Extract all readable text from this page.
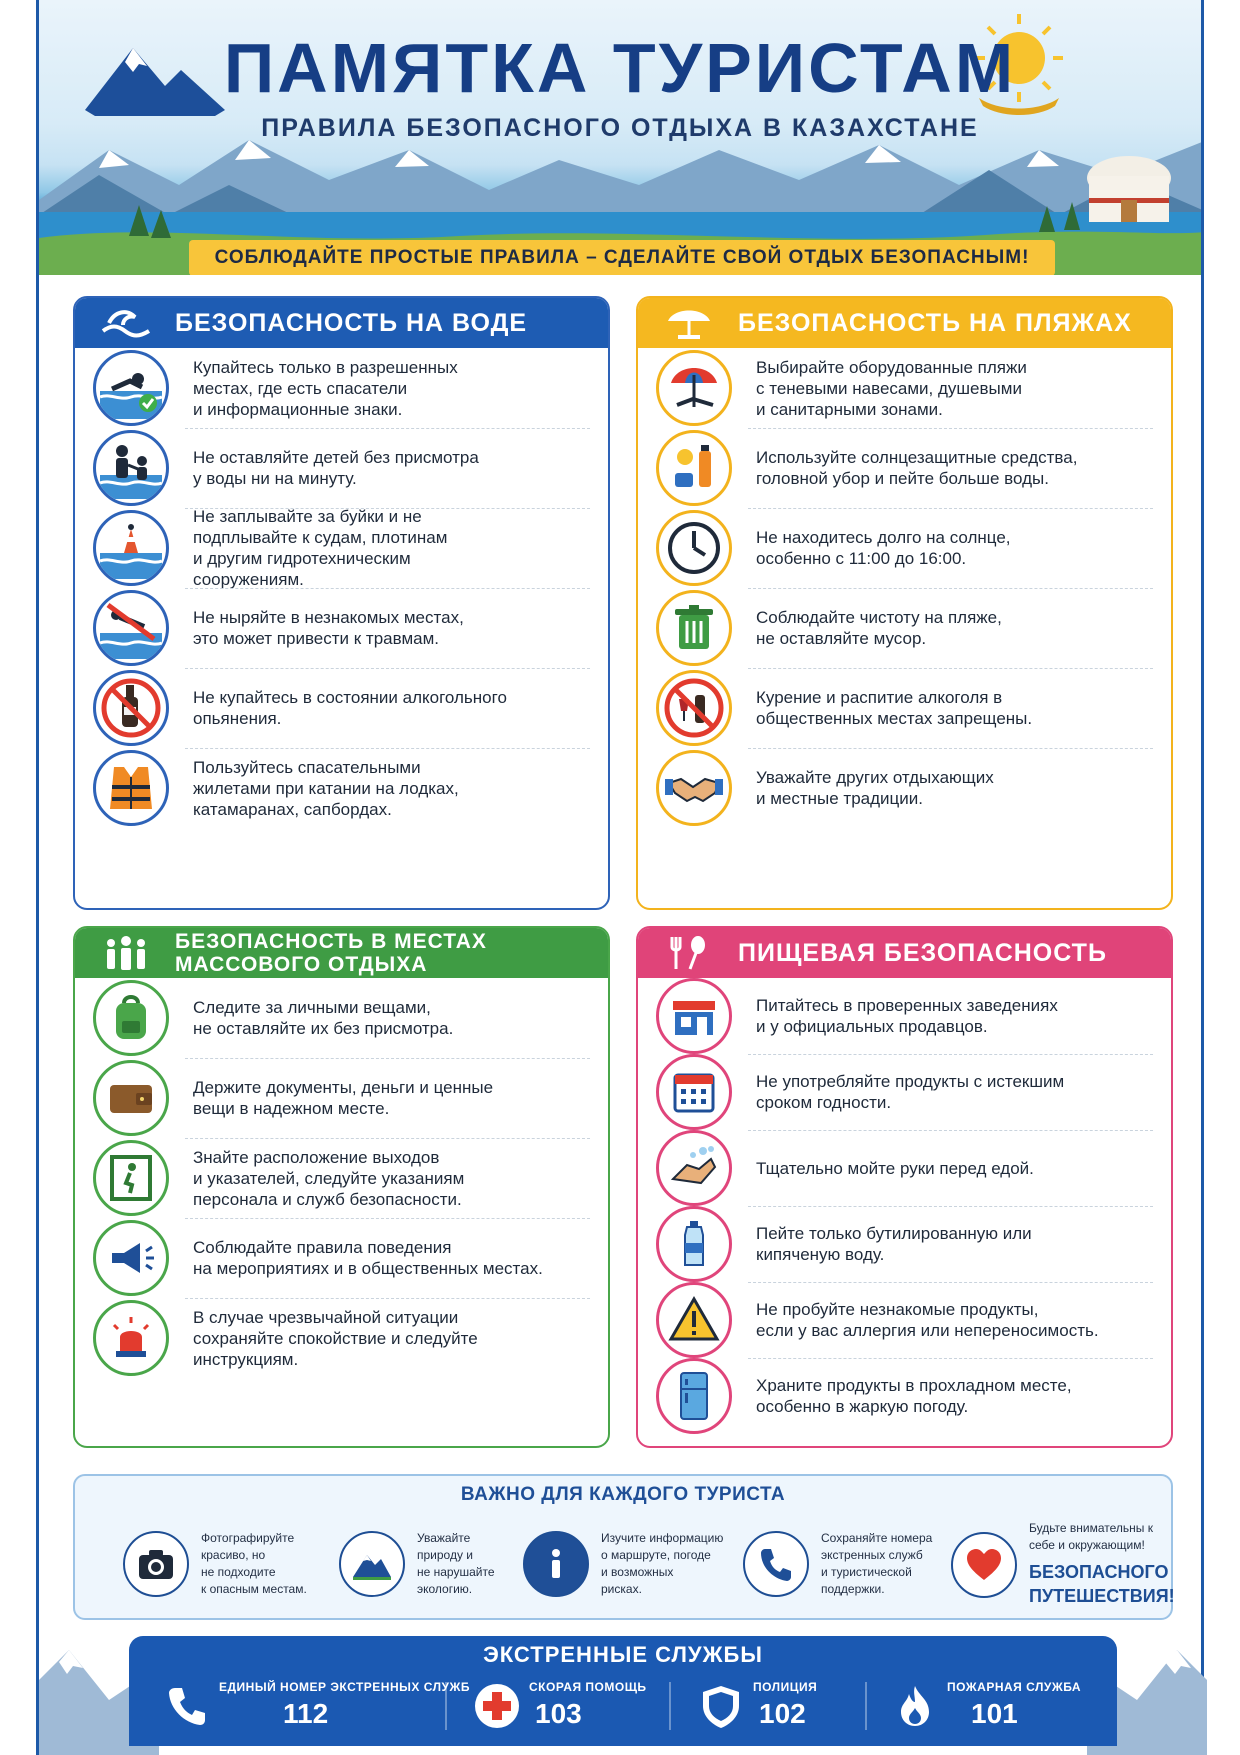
ПАМЯТКА ТУРИСТАМ
ПРАВИЛА БЕЗОПАСНОГО ОТДЫХА В КАЗАХСТАНЕ
СОБЛЮДАЙТЕ ПРОСТЫЕ ПРАВИЛА – СДЕЛАЙТЕ СВОЙ ОТДЫХ БЕЗОПАСНЫМ!
БЕЗОПАСНОСТЬ НА ВОДЕ
Купайтесь только в разрешенных
местах, где есть спасатели
и информационные знаки.
Не оставляйте детей без присмотра
у воды ни на минуту.
Не заплывайте за буйки и не
подплывайте к судам, плотинам
и другим гидротехническим
сооружениям.
Не ныряйте в незнакомых местах,
это может привести к травмам.
Не купайтесь в состоянии алкогольного
опьянения.
Пользуйтесь спасательными
жилетами при катании на лодках,
катамаранах, сапбордах.
БЕЗОПАСНОСТЬ НА ПЛЯЖАХ
Выбирайте оборудованные пляжи
с теневыми навесами, душевыми
и санитарными зонами.
Используйте солнцезащитные средства,
головной убор и пейте больше воды.
Не находитесь долго на солнце,
особенно с 11:00 до 16:00.
Соблюдайте чистоту на пляже,
не оставляйте мусор.
Курение и распитие алкоголя в
общественных местах запрещены.
Уважайте других отдыхающих
и местные традиции.
БЕЗОПАСНОСТЬ В МЕСТАХ
МАССОВОГО ОТДЫХА
Следите за личными вещами,
не оставляйте их без присмотра.
Держите документы, деньги и ценные
вещи в надежном месте.
Знайте расположение выходов
и указателей, следуйте указаниям
персонала и служб безопасности.
Соблюдайте правила поведения
на мероприятиях и в общественных местах.
В случае чрезвычайной ситуации
сохраняйте спокойствие и следуйте
инструкциям.
ПИЩЕВАЯ БЕЗОПАСНОСТЬ
Питайтесь в проверенных заведениях
и у официальных продавцов.
Не употребляйте продукты с истекшим
сроком годности.
Тщательно мойте руки перед едой.
Пейте только бутилированную или
кипяченую воду.
Не пробуйте незнакомые продукты,
если у вас аллергия или непереносимость.
Храните продукты в прохладном месте,
особенно в жаркую погоду.
ВАЖНО ДЛЯ КАЖДОГО ТУРИСТА
Фотографируйте
красиво, но
не подходите
к опасным местам.
Уважайте
природу и
не нарушайте
экологию.
Изучите информацию
о маршруте, погоде
и возможных
рисках.
Сохраняйте номера
экстренных служб
и туристической
поддержки.
Будьте внимательны к себе и окружающим!
БЕЗОПАСНОГО
ПУТЕШЕСТВИЯ!
ЭКСТРЕННЫЕ СЛУЖБЫ
ЕДИНЫЙ НОМЕР ЭКСТРЕННЫХ СЛУЖБ
112
СКОРАЯ ПОМОЩЬ
103
ПОЛИЦИЯ
102
ПОЖАРНАЯ СЛУЖБА
101
